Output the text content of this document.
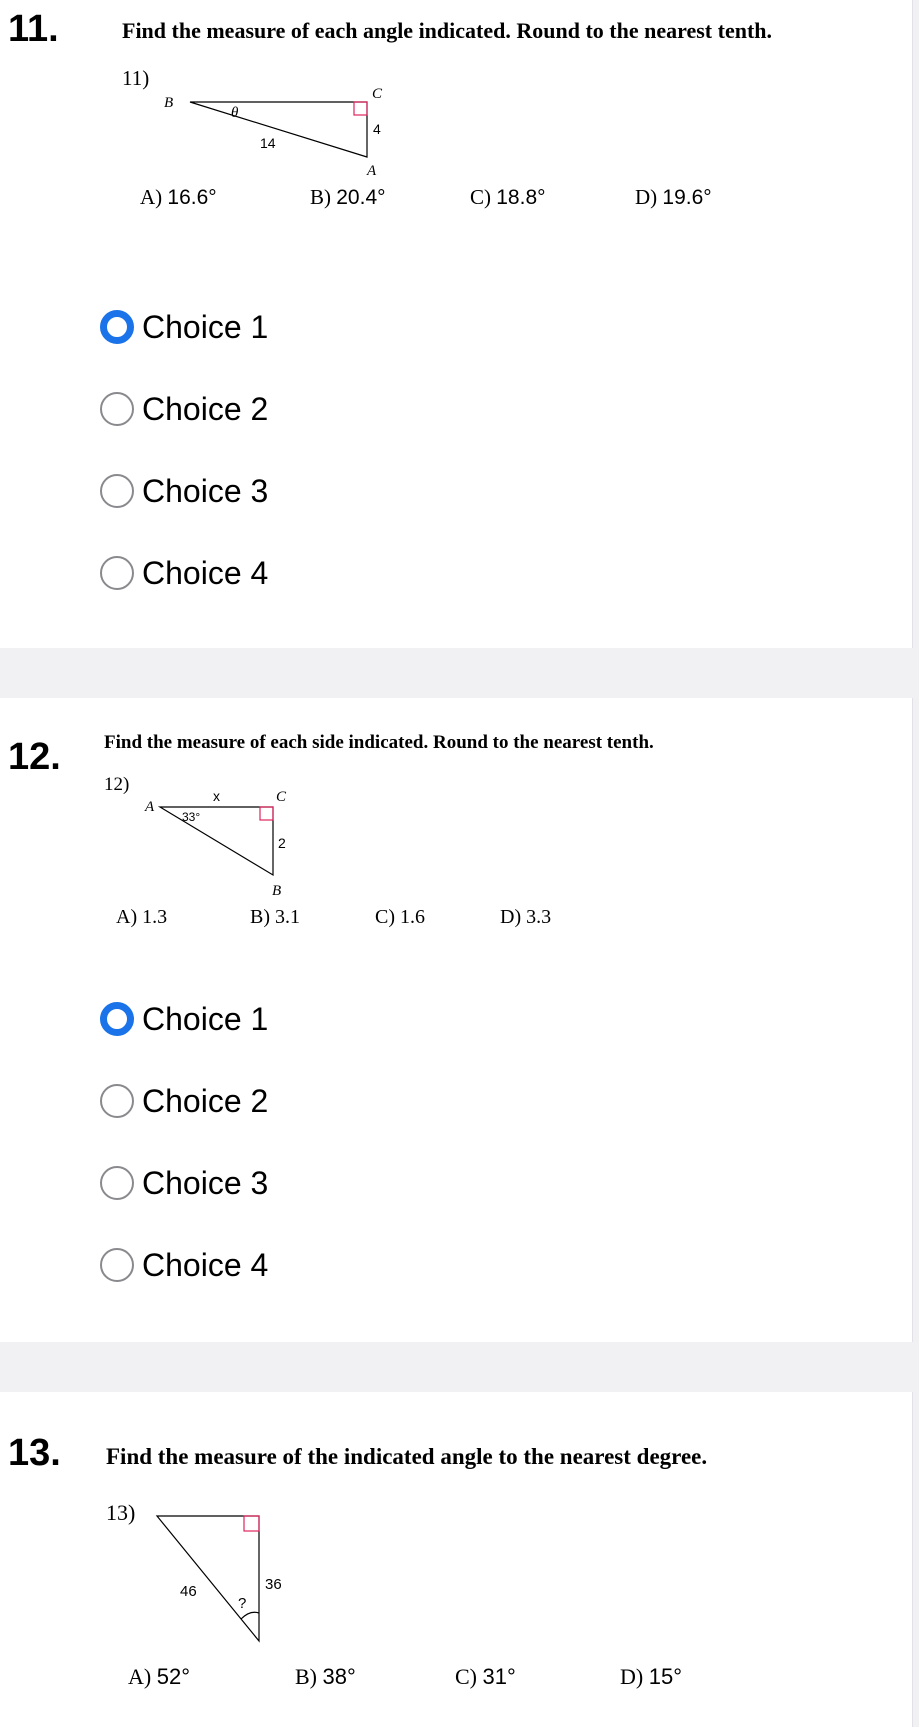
11.	Find the measure of each angle indicated. Round to the nearest tenth.
11)
B
C
A
θ
14
4
A) 16.6°	B) 20.4°	C) 18.8°	D) 19.6°
Choice 1
Choice 2
Choice 3
Choice 4
12. Find the measure of each side indicated. Round to the nearest tenth.
12)
A
C
B
x
33°
2
A) 1.3	B) 3.1	C) 1.6	D) 3.3
Choice 1
Choice 2
Choice 3
Choice 4
13. Find the measure of the indicated angle to the nearest degree.
13)
46	36
?
A) 52°	B) 38°	C) 31°	D) 15°
